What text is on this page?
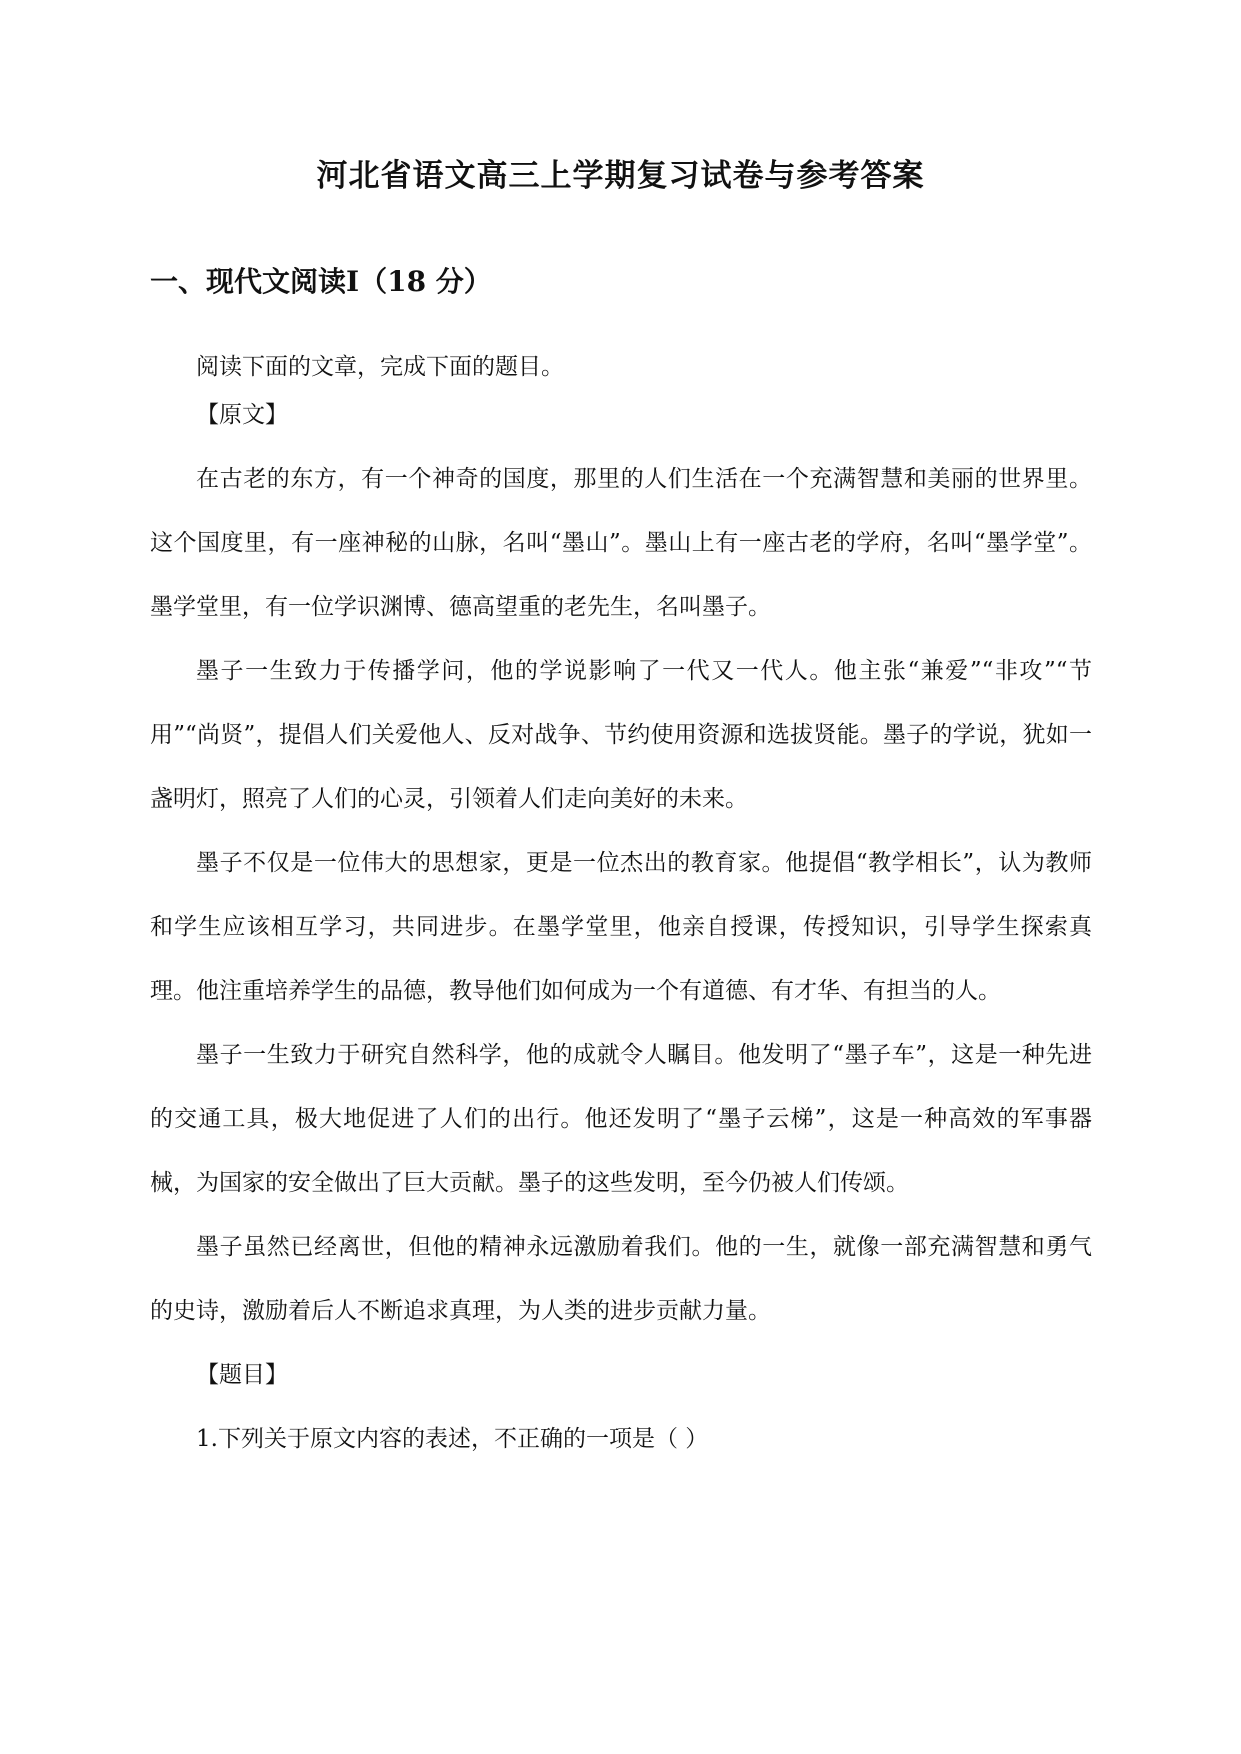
河北省语文高三上学期复习试卷与参考答案
一、现代文阅读Ⅰ（18 分）

阅读下面的文章，完成下面的题目。

【原文】

在古老的东方，有一个神奇的国度，那里的人们生活在一个充满智慧和美丽的世界里。这个国度里，有一座神秘的山脉，名叫“墨山”。墨山上有一座古老的学府，名叫“墨学堂”。墨学堂里，有一位学识渊博、德高望重的老先生，名叫墨子。

墨子一生致力于传播学问，他的学说影响了一代又一代人。他主张“兼爱”“非攻”“节用”“尚贤”，提倡人们关爱他人、反对战争、节约使用资源和选拔贤能。墨子的学说，犹如一盏明灯，照亮了人们的心灵，引领着人们走向美好的未来。

墨子不仅是一位伟大的思想家，更是一位杰出的教育家。他提倡“教学相长”，认为教师和学生应该相互学习，共同进步。在墨学堂里，他亲自授课，传授知识，引导学生探索真理。他注重培养学生的品德，教导他们如何成为一个有道德、有才华、有担当的人。

墨子一生致力于研究自然科学，他的成就令人瞩目。他发明了“墨子车”，这是一种先进的交通工具，极大地促进了人们的出行。他还发明了“墨子云梯”，这是一种高效的军事器械，为国家的安全做出了巨大贡献。墨子的这些发明，至今仍被人们传颂。

墨子虽然已经离世，但他的精神永远激励着我们。他的一生，就像一部充满智慧和勇气的史诗，激励着后人不断追求真理，为人类的进步贡献力量。

【题目】

1.下列关于原文内容的表述，不正确的一项是（ ）
